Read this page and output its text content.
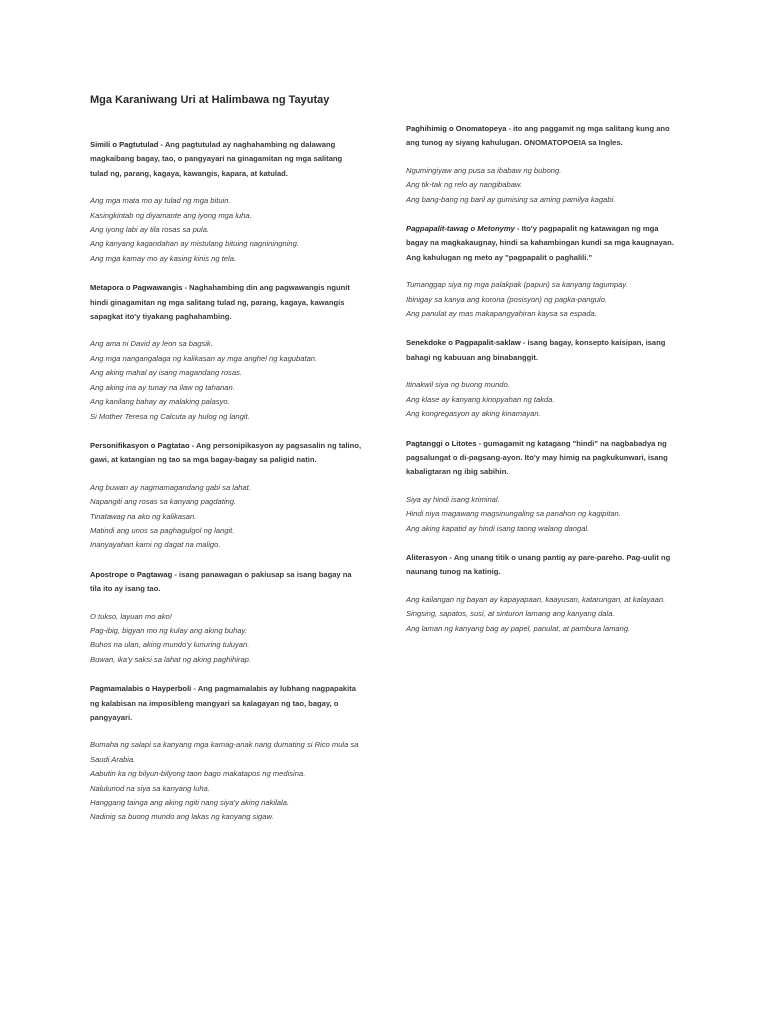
Mga Karaniwang Uri at Halimbawa ng Tayutay

Simili o Pagtutulad - Ang pagtutulad ay naghahambing ng dalawang magkaibang bagay, tao, o pangyayari na ginagamitan ng mga salitang tulad ng, parang, kagaya, kawangis, kapara, at katulad.

Ang mga mata mo ay tulad ng mga bituin.
Kasingkintab ng diyamante ang iyong mga luha.
Ang iyong labi ay tila rosas sa pula.
Ang kanyang kagandahan ay mistulang bituing nagniningning.
Ang mga kamay mo ay kasing kinis ng tela.

Metapora o Pagwawangis - Naghahambing din ang pagwawangis ngunit hindi ginagamitan ng mga salitang tulad ng, parang, kagaya, kawangis sapagkat ito'y tiyakang paghahambing.

Ang ama ni David ay leon sa bagsik.
Ang mga nangangalaga ng kalikasan ay mga anghel ng kagubatan.
Ang aking mahal ay isang magandang rosas.
Ang aking ina ay tunay na ilaw ng tahanan.
Ang kanilang bahay ay malaking palasyo.
Si Mother Teresa ng Calcuta ay hulog ng langit.

Personifikasyon o Pagtatao - Ang personipikasyon ay pagsasalin ng talino, gawi, at katangian ng tao sa mga bagay-bagay sa paligid natin.

Ang buwan ay nagmamagandang gabi sa lahat.
Napangiti ang rosas sa kanyang pagdating.
Tinatawag na ako ng kalikasan.
Matindi ang unos sa paghagulgol ng langit.
Inanyayahan kami ng dagat na maligo.

Apostrope o Pagtawag - isang panawagan o pakiusap sa isang bagay na tila ito ay isang tao.

O tukso, layuan mo ako!
Pag-ibig, bigyan mo ng kulay ang aking buhay.
Buhos na ulan, aking mundo'y lunuring tuluyan.
Buwan, ika'y saksi sa lahat ng aking paghihirap.

Pagmamalabis o Hayperboli - Ang pagmamalabis ay lubhang nagpapakita ng kalabisan na imposibleng mangyari sa kalagayan ng tao, bagay, o pangyayari.

Bumaha ng salapi sa kanyang mga kamag-anak nang dumating si Rico mula sa Saudi Arabia.
Aabutin ka ng bilyun-bilyong taon bago makatapos ng medisina.
Nalulunod na siya sa kanyang luha.
Hanggang tainga ang aking ngiti nang siya'y aking nakilala.
Nadinig sa buong mundo ang lakas ng kanyang sigaw.

Paghihimig o Onomatopeya - ito ang paggamit ng mga salitang kung ano ang tunog ay siyang kahulugan. ONOMATOPOEIA sa Ingles.

Ngumingiyaw ang pusa sa ibabaw ng bubong.
Ang tik-tak ng relo ay nangibabaw.
Ang bang-bang ng baril ay gumising sa aming pamilya kagabi.

Pagpapalit-tawag o Metonymy - Ito'y pagpapalit ng katawagan ng mga bagay na magkakaugnay, hindi sa kahambingan kundi sa mga kaugnayan. Ang kahulugan ng meto ay "pagpapalit o paghalili."

Tumanggap siya ng mga palakpak (papuri) sa kanyang tagumpay.
Ibinigay sa kanya ang korona (posisyon) ng pagka-pangulo.
Ang panulat ay mas makapangyahiran kaysa sa espada.

Senekdoke o Pagpapalit-saklaw - isang bagay, konsepto kaisipan, isang bahagi ng kabuuan ang binabanggit.

Itinakwil siya ng buong mundo.
Ang klase ay kanyang kinopyahan ng takda.
Ang kongregasyon ay aking kinamayan.

Pagtanggi o Litotes - gumagamit ng katagang "hindi" na nagbabadya ng pagsalungat o di-pagsang-ayon. Ito'y may himig na pagkukunwari, isang kabaligtaran ng ibig sabihin.

Siya ay hindi isang kriminal.
Hindi niya magawang magsinungaling sa panahon ng kagipitan.
Ang aking kapatid ay hindi isang taong walang dangal.

Aliterasyon - Ang unang titik o unang pantig ay pare-pareho. Pag-uulit ng naunang tunog na katinig.

Ang kailangan ng bayan ay kapayapaan, kaayusan, katarungan, at kalayaan.
Singsing, sapatos, susi, at sinturon lamang ang kanyang dala.
Ang laman ng kanyang bag ay papel, panulat, at pambura lamang.
